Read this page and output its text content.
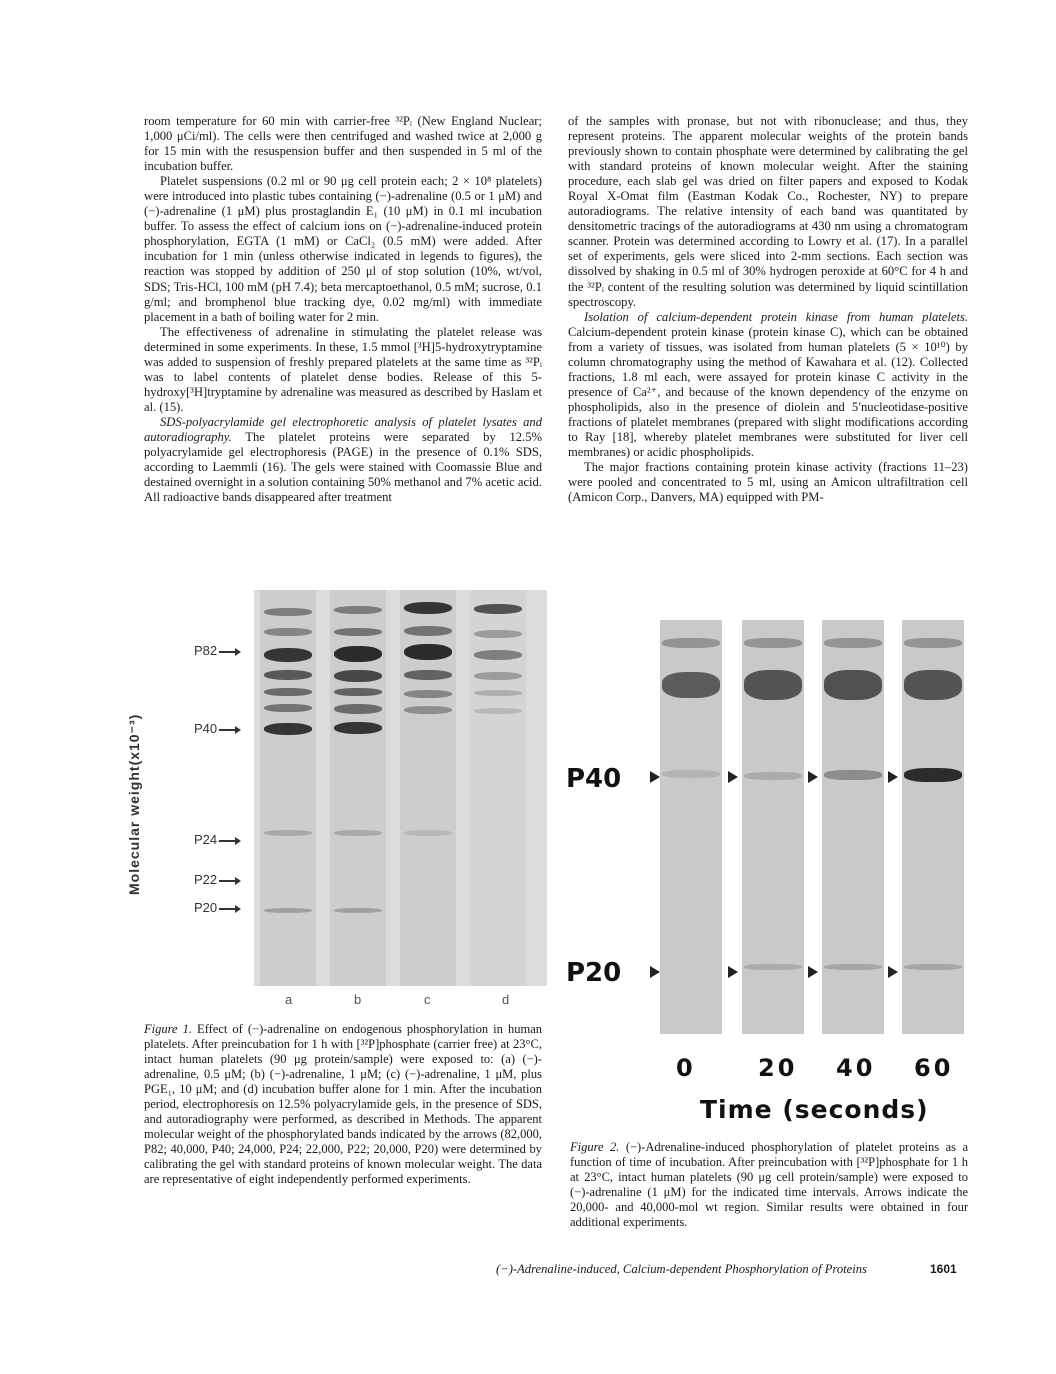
room temperature for 60 min with carrier-free ³²Pᵢ (New England Nuclear; 1,000 μCi/ml). The cells were then centrifuged and washed twice at 2,000 g for 15 min with the resuspension buffer and then suspended in 5 ml of the incubation buffer.

Platelet suspensions (0.2 ml or 90 μg cell protein each; 2 × 10⁸ platelets) were introduced into plastic tubes containing (−)-adrenaline (0.5 or 1 μM) and (−)-adrenaline (1 μM) plus prostaglandin E₁ (10 μM) in 0.1 ml incubation buffer. To assess the effect of calcium ions on (−)-adrenaline-induced protein phosphorylation, EGTA (1 mM) or CaCl₂ (0.5 mM) were added. After incubation for 1 min (unless otherwise indicated in legends to figures), the reaction was stopped by addition of 250 μl of stop solution (10%, wt/vol, SDS; Tris-HCl, 100 mM (pH 7.4); beta mercaptoethanol, 0.5 mM; sucrose, 0.1 g/ml; and bromphenol blue tracking dye, 0.02 mg/ml) with immediate placement in a bath of boiling water for 2 min.

The effectiveness of adrenaline in stimulating the platelet release was determined in some experiments. In these, 1.5 mmol [³H]5-hydroxytryptamine was added to suspension of freshly prepared platelets at the same time as ³²Pᵢ was to label contents of platelet dense bodies. Release of this 5-hydroxy[³H]tryptamine by adrenaline was measured as described by Haslam et al. (15).

SDS-polyacrylamide gel electrophoretic analysis of platelet lysates and autoradiography. The platelet proteins were separated by 12.5% polyacrylamide gel electrophoresis (PAGE) in the presence of 0.1% SDS, according to Laemmli (16). The gels were stained with Coomassie Blue and destained overnight in a solution containing 50% methanol and 7% acetic acid. All radioactive bands disappeared after treatment

of the samples with pronase, but not with ribonuclease; and thus, they represent proteins. The apparent molecular weights of the protein bands previously shown to contain phosphate were determined by calibrating the gel with standard proteins of known molecular weight. After the staining procedure, each slab gel was dried on filter papers and exposed to Kodak Royal X-Omat film (Eastman Kodak Co., Rochester, NY) to prepare autoradiograms. The relative intensity of each band was quantitated by densitometric tracings of the autoradiograms at 430 nm using a chromatogram scanner. Protein was determined according to Lowry et al. (17). In a parallel set of experiments, gels were sliced into 2-mm sections. Each section was dissolved by shaking in 0.5 ml of 30% hydrogen peroxide at 60°C for 4 h and the ³²Pᵢ content of the resulting solution was determined by liquid scintillation spectroscopy.

Isolation of calcium-dependent protein kinase from human platelets. Calcium-dependent protein kinase (protein kinase C), which can be obtained from a variety of tissues, was isolated from human platelets (5 × 10¹⁰) by column chromatography using the method of Kawahara et al. (12). Collected fractions, 1.8 ml each, were assayed for protein kinase C activity in the presence of Ca²⁺, and because of the known dependency of the enzyme on phospholipids, also in the presence of diolein and 5′nucleotidase-positive fractions of platelet membranes (prepared with slight modifications according to Ray [18], whereby platelet membranes were substituted for liver cell membranes) or acidic phospholipids.

The major fractions containing protein kinase activity (fractions 11–23) were pooled and concentrated to 5 ml, using an Amicon ultrafiltration cell (Amicon Corp., Danvers, MA) equipped with PM-

Molecular weight(x10⁻³)
P82
P40
P24
P22
P20
a	b	c	d
Figure 1. Effect of (−)-adrenaline on endogenous phosphorylation in human platelets. After preincubation for 1 h with [³²P]phosphate (carrier free) at 23°C, intact human platelets (90 μg protein/sample) were exposed to: (a) (−)-adrenaline, 0.5 μM; (b) (−)-adrenaline, 1 μM; (c) (−)-adrenaline, 1 μM, plus PGE₁, 10 μM; and (d) incubation buffer alone for 1 min. After the incubation period, electrophoresis on 12.5% polyacrylamide gels, in the presence of SDS, and autoradiography were performed, as described in Methods. The apparent molecular weight of the phosphorylated bands indicated by the arrows (82,000, P82; 40,000, P40; 24,000, P24; 22,000, P22; 20,000, P20) were determined by calibrating the gel with standard proteins of known molecular weight. The data are representative of eight independently performed experiments.
P40
P20
0	20 40 60
Time (seconds)
Figure 2. (−)-Adrenaline-induced phosphorylation of platelet proteins as a function of time of incubation. After preincubation with [³²P]phosphate for 1 h at 23°C, intact human platelets (90 μg cell protein/sample) were exposed to (−)-adrenaline (1 μM) for the indicated time intervals. Arrows indicate the 20,000- and 40,000-mol wt region. Similar results were obtained in four additional experiments.
(−)-Adrenaline-induced, Calcium-dependent Phosphorylation of Proteins	1601
